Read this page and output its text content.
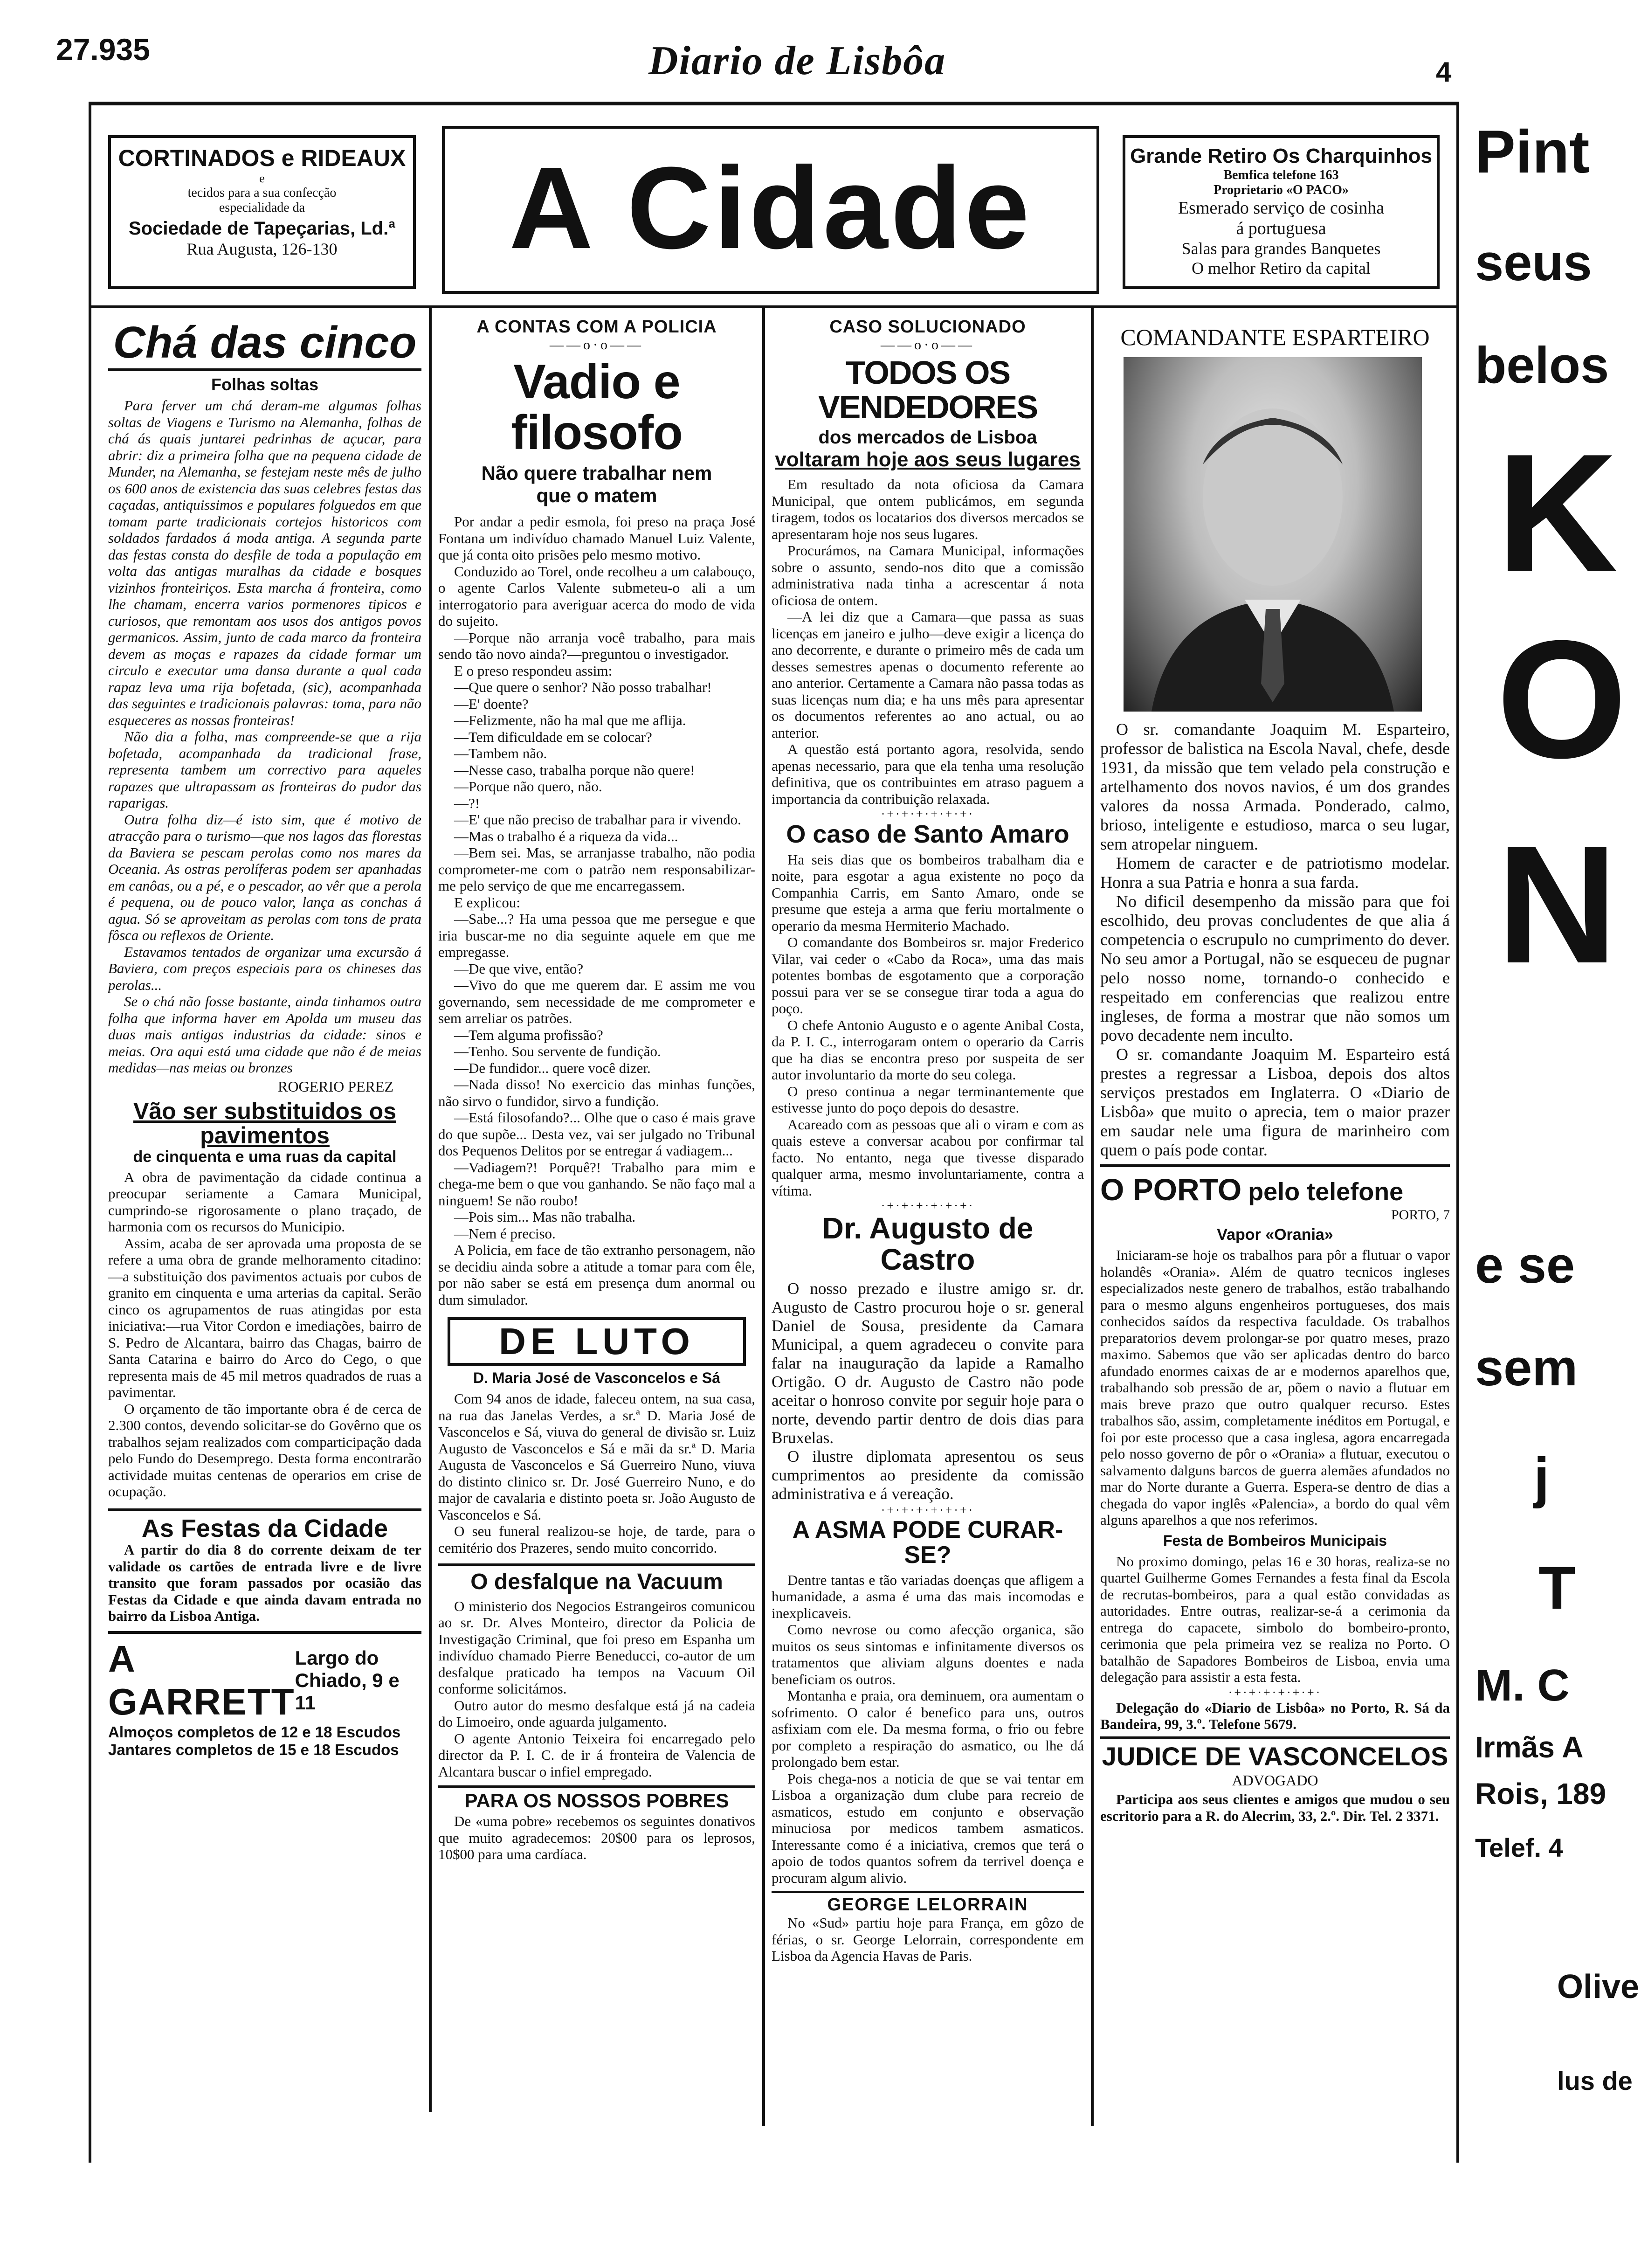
27.935	Diario de Lisbôa	4
CORTINADOS e RIDEAUX
e
tecidos para a sua confecção
especialidade da
Sociedade de Tapeçarias, Ld.ª
Rua Augusta, 126-130	A Cidade	Grande Retiro Os Charquinhos
Bemfica telefone 163
Proprietario «O PACO»
Esmerado serviço de cosinha
á portuguesa
Salas para grandes Banquetes
O melhor Retiro da capital
Chá das cinco
Folhas soltas

Para ferver um chá deram-me algumas folhas soltas de Viagens e Turismo na Alemanha, folhas de chá ás quais juntarei pedrinhas de açucar, para abrir: diz a primeira folha que na pequena cidade de Munder, na Alemanha, se festejam neste mês de julho os 600 anos de existencia das suas celebres festas das caçadas, antiquissimos e populares folguedos em que tomam parte tradicionais cortejos historicos com soldados fardados á moda antiga. A segunda parte das festas consta do desfile de toda a população em volta das antigas muralhas da cidade e bosques vizinhos fronteiriços. Esta marcha á fronteira, como lhe chamam, encerra varios pormenores tipicos e curiosos, que remontam aos usos dos antigos povos germanicos. Assim, junto de cada marco da fronteira devem as moças e rapazes da cidade formar um circulo e executar uma dansa durante a qual cada rapaz leva uma rija bofetada, (sic), acompanhada das seguintes e tradicionais palavras: toma, para não esqueceres as nossas fronteiras!

Não dia a folha, mas compreende-se que a rija bofetada, acompanhada da tradicional frase, representa tambem um correctivo para aqueles rapazes que ultrapassam as fronteiras do pudor das raparigas.

Outra folha diz—é isto sim, que é motivo de atracção para o turismo—que nos lagos das florestas da Baviera se pescam perolas como nos mares da Oceania. As ostras perolíferas podem ser apanhadas em canôas, ou a pé, e o pescador, ao vêr que a perola é pequena, ou de pouco valor, lança as conchas á agua. Só se aproveitam as perolas com tons de prata fôsca ou reflexos de Oriente.

Estavamos tentados de organizar uma excursão á Baviera, com preços especiais para os chineses das perolas...

Se o chá não fosse bastante, ainda tinhamos outra folha que informa haver em Apolda um museu das duas mais antigas industrias da cidade: sinos e meias. Ora aqui está uma cidade que não é de meias medidas—nas meias ou bronzes

ROGERIO PEREZ
Vão ser substituidos os pavimentos
de cinquenta e uma ruas da capital

A obra de pavimentação da cidade continua a preocupar seriamente a Camara Municipal, cumprindo-se rigorosamente o plano traçado, de harmonia com os recursos do Municipio.

Assim, acaba de ser aprovada uma proposta de se refere a uma obra de grande melhoramento citadino:—a substituição dos pavimentos actuais por cubos de granito em cinquenta e uma arterias da capital. Serão cinco os agrupamentos de ruas atingidas por esta iniciativa:—rua Vitor Cordon e imediações, bairro de S. Pedro de Alcantara, bairro das Chagas, bairro de Santa Catarina e bairro do Arco do Cego, o que representa mais de 45 mil metros quadrados de ruas a pavimentar.

O orçamento de tão importante obra é de cerca de 2.300 contos, devendo solicitar-se do Govêrno que os trabalhos sejam realizados com comparticipação dada pelo Fundo do Desemprego. Desta forma encontrarão actividade muitas centenas de operarios em crise de ocupação.

As Festas da Cidade

A partir do dia 8 do corrente deixam de ter validade os cartões de entrada livre e de livre transito que foram passados por ocasião das Festas da Cidade e que ainda davam entrada no bairro da Lisboa Antiga.

A GARRETT
Largo do Chiado, 9 e 11
Almoços completos de 12 e 18 Escudos
Jantares completos de 15 e 18 Escudos
A CONTAS COM A POLICIA
——o·o——
Vadio e filosofo
Não quere trabalhar nem que o matem

Por andar a pedir esmola, foi preso na praça José Fontana um indivíduo chamado Manuel Luiz Valente, que já conta oito prisões pelo mesmo motivo.

Conduzido ao Torel, onde recolheu a um calabouço, o agente Carlos Valente submeteu-o ali a um interrogatorio para averiguar acerca do modo de vida do sujeito.

—Porque não arranja você trabalho, para mais sendo tão novo ainda?—preguntou o investigador.

E o preso respondeu assim:

—Que quere o senhor? Não posso trabalhar!

—E' doente?

—Felizmente, não ha mal que me aflija.

—Tem dificuldade em se colocar?

—Tambem não.

—Nesse caso, trabalha porque não quere!

—Porque não quero, não.

—?!

—E' que não preciso de trabalhar para ir vivendo.

—Mas o trabalho é a riqueza da vida...

—Bem sei. Mas, se arranjasse trabalho, não podia comprometer-me com o patrão nem responsabilizar-me pelo serviço de que me encarregassem.

E explicou:

—Sabe...? Ha uma pessoa que me persegue e que iria buscar-me no dia seguinte aquele em que me empregasse.

—De que vive, então?

—Vivo do que me querem dar. E assim me vou governando, sem necessidade de me comprometer e sem arreliar os patrões.

—Tem alguma profissão?

—Tenho. Sou servente de fundição.

—De fundidor... quere você dizer.

—Nada disso! No exercicio das minhas funções, não sirvo o fundidor, sirvo a fundição.

—Está filosofando?... Olhe que o caso é mais grave do que supõe... Desta vez, vai ser julgado no Tribunal dos Pequenos Delitos por se entregar á vadiagem...

—Vadiagem?! Porquê?! Trabalho para mim e chega-me bem o que vou ganhando. Se não faço mal a ninguem! Se não roubo!

—Pois sim... Mas não trabalha.

—Nem é preciso.

A Policia, em face de tão extranho personagem, não se decidiu ainda sobre a atitude a tomar para com êle, por não saber se está em presença dum anormal ou dum simulador.

DE LUTO
D. Maria José de Vasconcelos e Sá

Com 94 anos de idade, faleceu ontem, na sua casa, na rua das Janelas Verdes, a sr.ª D. Maria José de Vasconcelos e Sá, viuva do general de divisão sr. Luiz Augusto de Vasconcelos e Sá e mãi da sr.ª D. Maria Augusta de Vasconcelos e Sá Guerreiro Nuno, viuva do distinto clinico sr. Dr. José Guerreiro Nuno, e do major de cavalaria e distinto poeta sr. João Augusto de Vasconcelos e Sá.

O seu funeral realizou-se hoje, de tarde, para o cemitério dos Prazeres, sendo muito concorrido.

O desfalque na Vacuum

O ministerio dos Negocios Estrangeiros comunicou ao sr. Dr. Alves Monteiro, director da Policia de Investigação Criminal, que foi preso em Espanha um indivíduo chamado Pierre Beneducci, co-autor de um desfalque praticado ha tempos na Vacuum Oil conforme solicitámos.

Outro autor do mesmo desfalque está já na cadeia do Limoeiro, onde aguarda julgamento.

O agente Antonio Teixeira foi encarregado pelo director da P. I. C. de ir á fronteira de Valencia de Alcantara buscar o infiel empregado.

PARA OS NOSSOS POBRES

De «uma pobre» recebemos os seguintes donativos que muito agradecemos: 20$00 para os leprosos, 10$00 para uma cardíaca.

CASO SOLUCIONADO
——o·o——
TODOS OS VENDEDORES
dos mercados de Lisboa
voltaram hoje aos seus lugares

Em resultado da nota oficiosa da Camara Municipal, que ontem publicámos, em segunda tiragem, todos os locatarios dos diversos mercados se apresentaram hoje nos seus lugares.

Procurámos, na Camara Municipal, informações sobre o assunto, sendo-nos dito que a comissão administrativa nada tinha a acrescentar á nota oficiosa de ontem.

—A lei diz que a Camara—que passa as suas licenças em janeiro e julho—deve exigir a licença do ano decorrente, e durante o primeiro mês de cada um desses semestres apenas o documento referente ao ano anterior. Certamente a Camara não passa todas as suas licenças num dia; e ha uns mês para apresentar os documentos referentes ao ano actual, ou ao anterior.

A questão está portanto agora, resolvida, sendo apenas necessario, para que ela tenha uma resolução definitiva, que os contribuintes em atraso paguem a importancia da contribuição relaxada.

·+·+·+·+·+·+·
O caso de Santo Amaro

Ha seis dias que os bombeiros trabalham dia e noite, para esgotar a agua existente no poço da Companhia Carris, em Santo Amaro, onde se presume que esteja a arma que feriu mortalmente o operario da mesma Hermiterio Machado.

O comandante dos Bombeiros sr. major Frederico Vilar, vai ceder o «Cabo da Roca», uma das mais potentes bombas de esgotamento que a corporação possui para ver se se consegue tirar toda a agua do poço.

O chefe Antonio Augusto e o agente Anibal Costa, da P. I. C., interrogaram ontem o operario da Carris que ha dias se encontra preso por suspeita de ser autor involuntario da morte do seu colega.

O preso continua a negar terminantemente que estivesse junto do poço depois do desastre.

Acareado com as pessoas que ali o viram e com as quais esteve a conversar acabou por confirmar tal facto. No entanto, nega que tivesse disparado qualquer arma, mesmo involuntariamente, contra a vítima.

·+·+·+·+·+·+·
Dr. Augusto de Castro

O nosso prezado e ilustre amigo sr. dr. Augusto de Castro procurou hoje o sr. general Daniel de Sousa, presidente da Camara Municipal, a quem agradeceu o convite para falar na inauguração da lapide a Ramalho Ortigão. O dr. Augusto de Castro não pode aceitar o honroso convite por seguir hoje para o norte, devendo partir dentro de dois dias para Bruxelas.

O ilustre diplomata apresentou os seus cumprimentos ao presidente da comissão administrativa e á vereação.

·+·+·+·+·+·+·
A ASMA PODE CURAR-SE?

Dentre tantas e tão variadas doenças que afligem a humanidade, a asma é uma das mais incomodas e inexplicaveis.

Como nevrose ou como afecção organica, são muitos os seus sintomas e infinitamente diversos os tratamentos que aliviam alguns doentes e nada beneficiam os outros.

Montanha e praia, ora deminuem, ora aumentam o sofrimento. O calor é benefico para uns, outros asfixiam com ele. Da mesma forma, o frio ou febre por completo a respiração do asmatico, ou lhe dá prolongado bem estar.

Pois chega-nos a noticia de que se vai tentar em Lisboa a organização dum clube para recreio de asmaticos, estudo em conjunto e observação minuciosa por medicos tambem asmaticos. Interessante como é a iniciativa, cremos que terá o apoio de todos quantos sofrem da terrivel doença e procuram algum alivio.

GEORGE LELORRAIN

No «Sud» partiu hoje para França, em gôzo de férias, o sr. George Lelorrain, correspondente em Lisboa da Agencia Havas de Paris.

COMANDANTE ESPARTEIRO

O sr. comandante Joaquim M. Esparteiro, professor de balistica na Escola Naval, chefe, desde 1931, da missão que tem velado pela construção e artelhamento dos novos navios, é um dos grandes valores da nossa Armada. Ponderado, calmo, brioso, inteligente e estudioso, marca o seu lugar, sem atropelar ninguem.

Homem de caracter e de patriotismo modelar. Honra a sua Patria e honra a sua farda.

No dificil desempenho da missão para que foi escolhido, deu provas concludentes de que alia á competencia o escrupulo no cumprimento do dever. No seu amor a Portugal, não se esqueceu de pugnar pelo nosso nome, tornando-o conhecido e respeitado em conferencias que realizou entre ingleses, de forma a mostrar que não somos um povo decadente nem inculto.

O sr. comandante Joaquim M. Esparteiro está prestes a regressar a Lisboa, depois dos altos serviços prestados em Inglaterra. O «Diario de Lisbôa» que muito o aprecia, tem o maior prazer em saudar nele uma figura de marinheiro com quem o país pode contar.

O PORTO pelo telefone
PORTO, 7
Vapor «Orania»

Iniciaram-se hoje os trabalhos para pôr a flutuar o vapor holandês «Orania». Além de quatro tecnicos ingleses especializados neste genero de trabalhos, estão trabalhando para o mesmo alguns engenheiros portugueses, dos mais conhecidos saídos da respectiva faculdade. Os trabalhos preparatorios devem prolongar-se por quatro meses, prazo maximo. Sabemos que vão ser aplicadas dentro do barco afundado enormes caixas de ar e modernos aparelhos que, trabalhando sob pressão de ar, põem o navio a flutuar em mais breve prazo que outro qualquer recurso. Estes trabalhos são, assim, completamente inéditos em Portugal, e foi por este processo que a casa inglesa, agora encarregada pelo nosso governo de pôr o «Orania» a flutuar, executou o salvamento dalguns barcos de guerra alemães afundados no mar do Norte durante a Guerra. Espera-se dentro de dias a chegada do vapor inglês «Palencia», a bordo do qual vêm alguns aparelhos a que nos referimos.

Festa de Bombeiros Municipais

No proximo domingo, pelas 16 e 30 horas, realiza-se no quartel Guilherme Gomes Fernandes a festa final da Escola de recrutas-bombeiros, para a qual estão convidadas as autoridades. Entre outras, realizar-se-á a cerimonia da entrega do capacete, simbolo do bombeiro-pronto, cerimonia que pela primeira vez se realiza no Porto. O batalhão de Sapadores Bombeiros de Lisboa, envia uma delegação para assistir a esta festa.

·+·+·+·+·+·+·

Delegação do «Diario de Lisbôa» no Porto, R. Sá da Bandeira, 99, 3.º. Telefone 5679.

JUDICE DE VASCONCELOS
ADVOGADO

Participa aos seus clientes e amigos que mudou o seu escritorio para a R. do Alecrim, 33, 2.º. Dir. Tel. 2 3371.

Pint
seus
belos
K
O
N
e se
sem
j
T
M. C
Irmãs A
Rois, 189
Telef. 4
Olive
lus de
